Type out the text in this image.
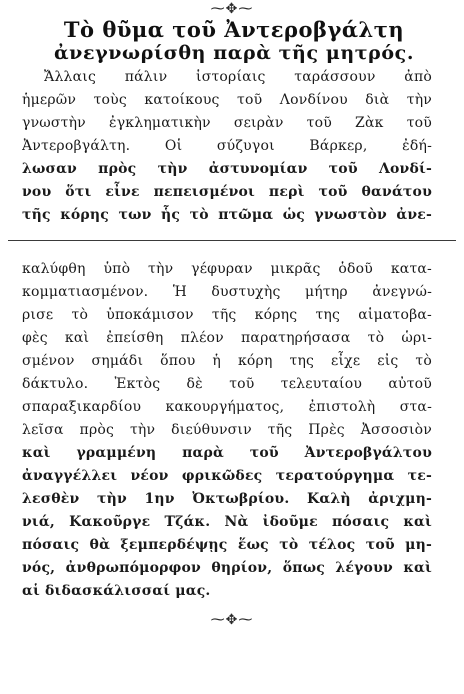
⁓✥⁓
Τὸ θῦμα τοῦ Ἀντεροβγάλτη
ἀνεγνωρίσθη παρὰ τῆς μητρός.
Ἄλλαις πάλιν ἱστορίαις ταράσσουν ἀπὸ
ἡμερῶν τοὺς κατοίκους τοῦ Λονδίνου διὰ τὴν
γνωστὴν ἐγκληματικὴν σειρὰν τοῦ Ζὰκ τοῦ
Ἀντεροβγάλτη. Οἱ σύζυγοι Βάρκερ, ἐδή-
λωσαν πρὸς τὴν ἀστυνομίαν τοῦ Λονδί-
νου ὅτι εἶνε πεπεισμένοι περὶ τοῦ θανάτου
τῆς κόρης των ἧς τὸ πτῶμα ὡς γνωστὸν ἀνε-
καλύφθη ὑπὸ τὴν γέφυραν μικρᾶς ὁδοῦ κατα-
κομματιασμένον. Ἡ δυστυχὴς μήτηρ ἀνεγνώ-
ρισε τὸ ὑποκάμισον τῆς κόρης της αἱματοβα-
φὲς καὶ ἐπείσθη πλέον παρατηρήσασα τὸ ὡρι-
σμένον σημάδι ὅπου ἡ κόρη της εἶχε εἰς τὸ
δάκτυλο. Ἐκτὸς δὲ τοῦ τελευταίου αὐτοῦ
σπαραξικαρδίου κακουργήματος, ἐπιστολὴ στα-
λεῖσα πρὸς τὴν διεύθυνσιν τῆς Πρὲς Ἀσσοσιὸν
καὶ γραμμένη παρὰ τοῦ Ἀντεροβγάλτου
ἀναγγέλλει νέον φρικῶδες τερατούργημα τε-
λεσθὲν τὴν 1ην Ὀκτωβρίου. Καλὴ ἀριχμη-
νιά, Κακοῦργε Τζάκ. Νὰ ἰδοῦμε πόσαις καὶ
πόσαις θὰ ξεμπερδέψῃς ἕως τὸ τέλος τοῦ μη-
νός, ἀνθρωπόμορφον θηρίον, ὅπως λέγουν καὶ
αἱ διδασκάλισσαί μας.
⁓✥⁓
